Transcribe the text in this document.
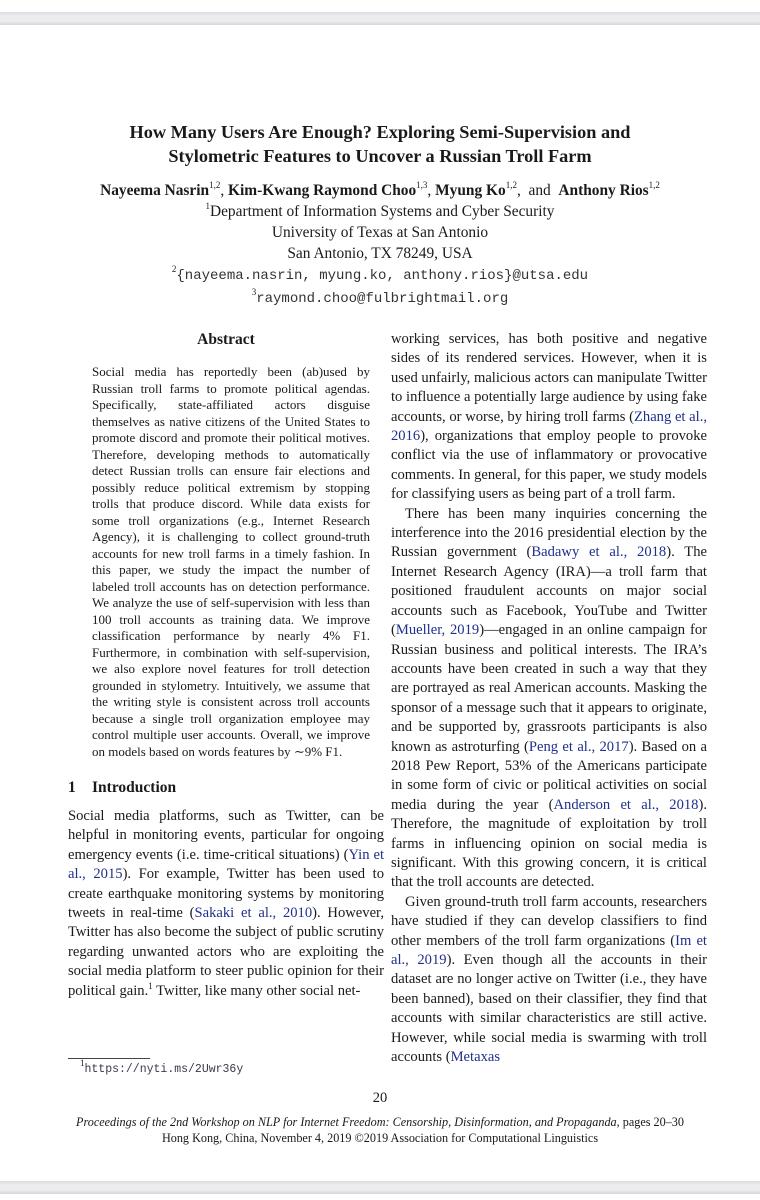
How Many Users Are Enough? Exploring Semi-Supervision and
Stylometric Features to Uncover a Russian Troll Farm
Nayeema Nasrin$^{1,2}$, Kim-Kwang Raymond Choo$^{1,3}$, Myung Ko$^{1,2}$,  and Anthony Rios$^{1,2}$
$^1$Department of Information Systems and Cyber Security
University of Texas at San Antonio
San Antonio, TX 78249, USA
$^2${nayeema.nasrin, myung.ko, anthony.rios}@utsa.edu
$^3$raymond.choo@fulbrightmail.org
Abstract

Social media has reportedly been (ab)used by Russian troll farms to promote political agendas. Specifically, state-affiliated actors disguise themselves as native citizens of the United States to promote discord and promote their political motives. Therefore, developing methods to automatically detect Russian trolls can ensure fair elections and possibly reduce political extremism by stopping trolls that produce discord. While data exists for some troll organizations (e.g., Internet Research Agency), it is challenging to collect ground-truth accounts for new troll farms in a timely fashion. In this paper, we study the impact the number of labeled troll accounts has on detection performance. We analyze the use of self-supervision with less than 100 troll accounts as training data. We improve classification performance by nearly 4% F1. Furthermore, in combination with self-supervision, we also explore novel features for troll detection grounded in stylometry. Intuitively, we assume that the writing style is consistent across troll accounts because a single troll organization employee may control multiple user accounts. Overall, we improve on models based on words features by ∼9% F1.

1 Introduction

Social media platforms, such as Twitter, can be helpful in monitoring events, particular for ongoing emergency events (i.e. time-critical situations) (Yin et al., 2015). For example, Twitter has been used to create earthquake monitoring systems by monitoring tweets in real-time (Sakaki et al., 2010). However, Twitter has also become the subject of public scrutiny regarding unwanted actors who are exploiting the social media platform to steer public opinion for their political gain.$^1$ Twitter, like many other social net-

working services, has both positive and negative sides of its rendered services. However, when it is used unfairly, malicious actors can manipulate Twitter to influence a potentially large audience by using fake accounts, or worse, by hiring troll farms (Zhang et al., 2016), organizations that employ people to provoke conflict via the use of inflammatory or provocative comments. In general, for this paper, we study models for classifying users as being part of a troll farm.

There has been many inquiries concerning the interference into the 2016 presidential election by the Russian government (Badawy et al., 2018). The Internet Research Agency (IRA)—a troll farm that positioned fraudulent accounts on major social accounts such as Facebook, YouTube and Twitter (Mueller, 2019)—engaged in an online campaign for Russian business and political interests. The IRA’s accounts have been created in such a way that they are portrayed as real American accounts. Masking the sponsor of a message such that it appears to originate, and be supported by, grassroots participants is also known as astroturfing (Peng et al., 2017). Based on a 2018 Pew Report, 53% of the Americans participate in some form of civic or political activities on social media during the year (Anderson et al., 2018). Therefore, the magnitude of exploitation by troll farms in influencing opinion on social media is significant. With this growing concern, it is critical that the troll accounts are detected.

Given ground-truth troll farm accounts, researchers have studied if they can develop classifiers to find other members of the troll farm organizations (Im et al., 2019). Even though all the accounts in their dataset are no longer active on Twitter (i.e., they have been banned), based on their classifier, they find that accounts with similar characteristics are still active. However, while social media is swarming with troll accounts (Metaxas

$^1$https://nyti.ms/2Uwr36y
20
Proceedings of the 2nd Workshop on NLP for Internet Freedom: Censorship, Disinformation, and Propaganda, pages 20–30
Hong Kong, China, November 4, 2019 ©2019 Association for Computational Linguistics
